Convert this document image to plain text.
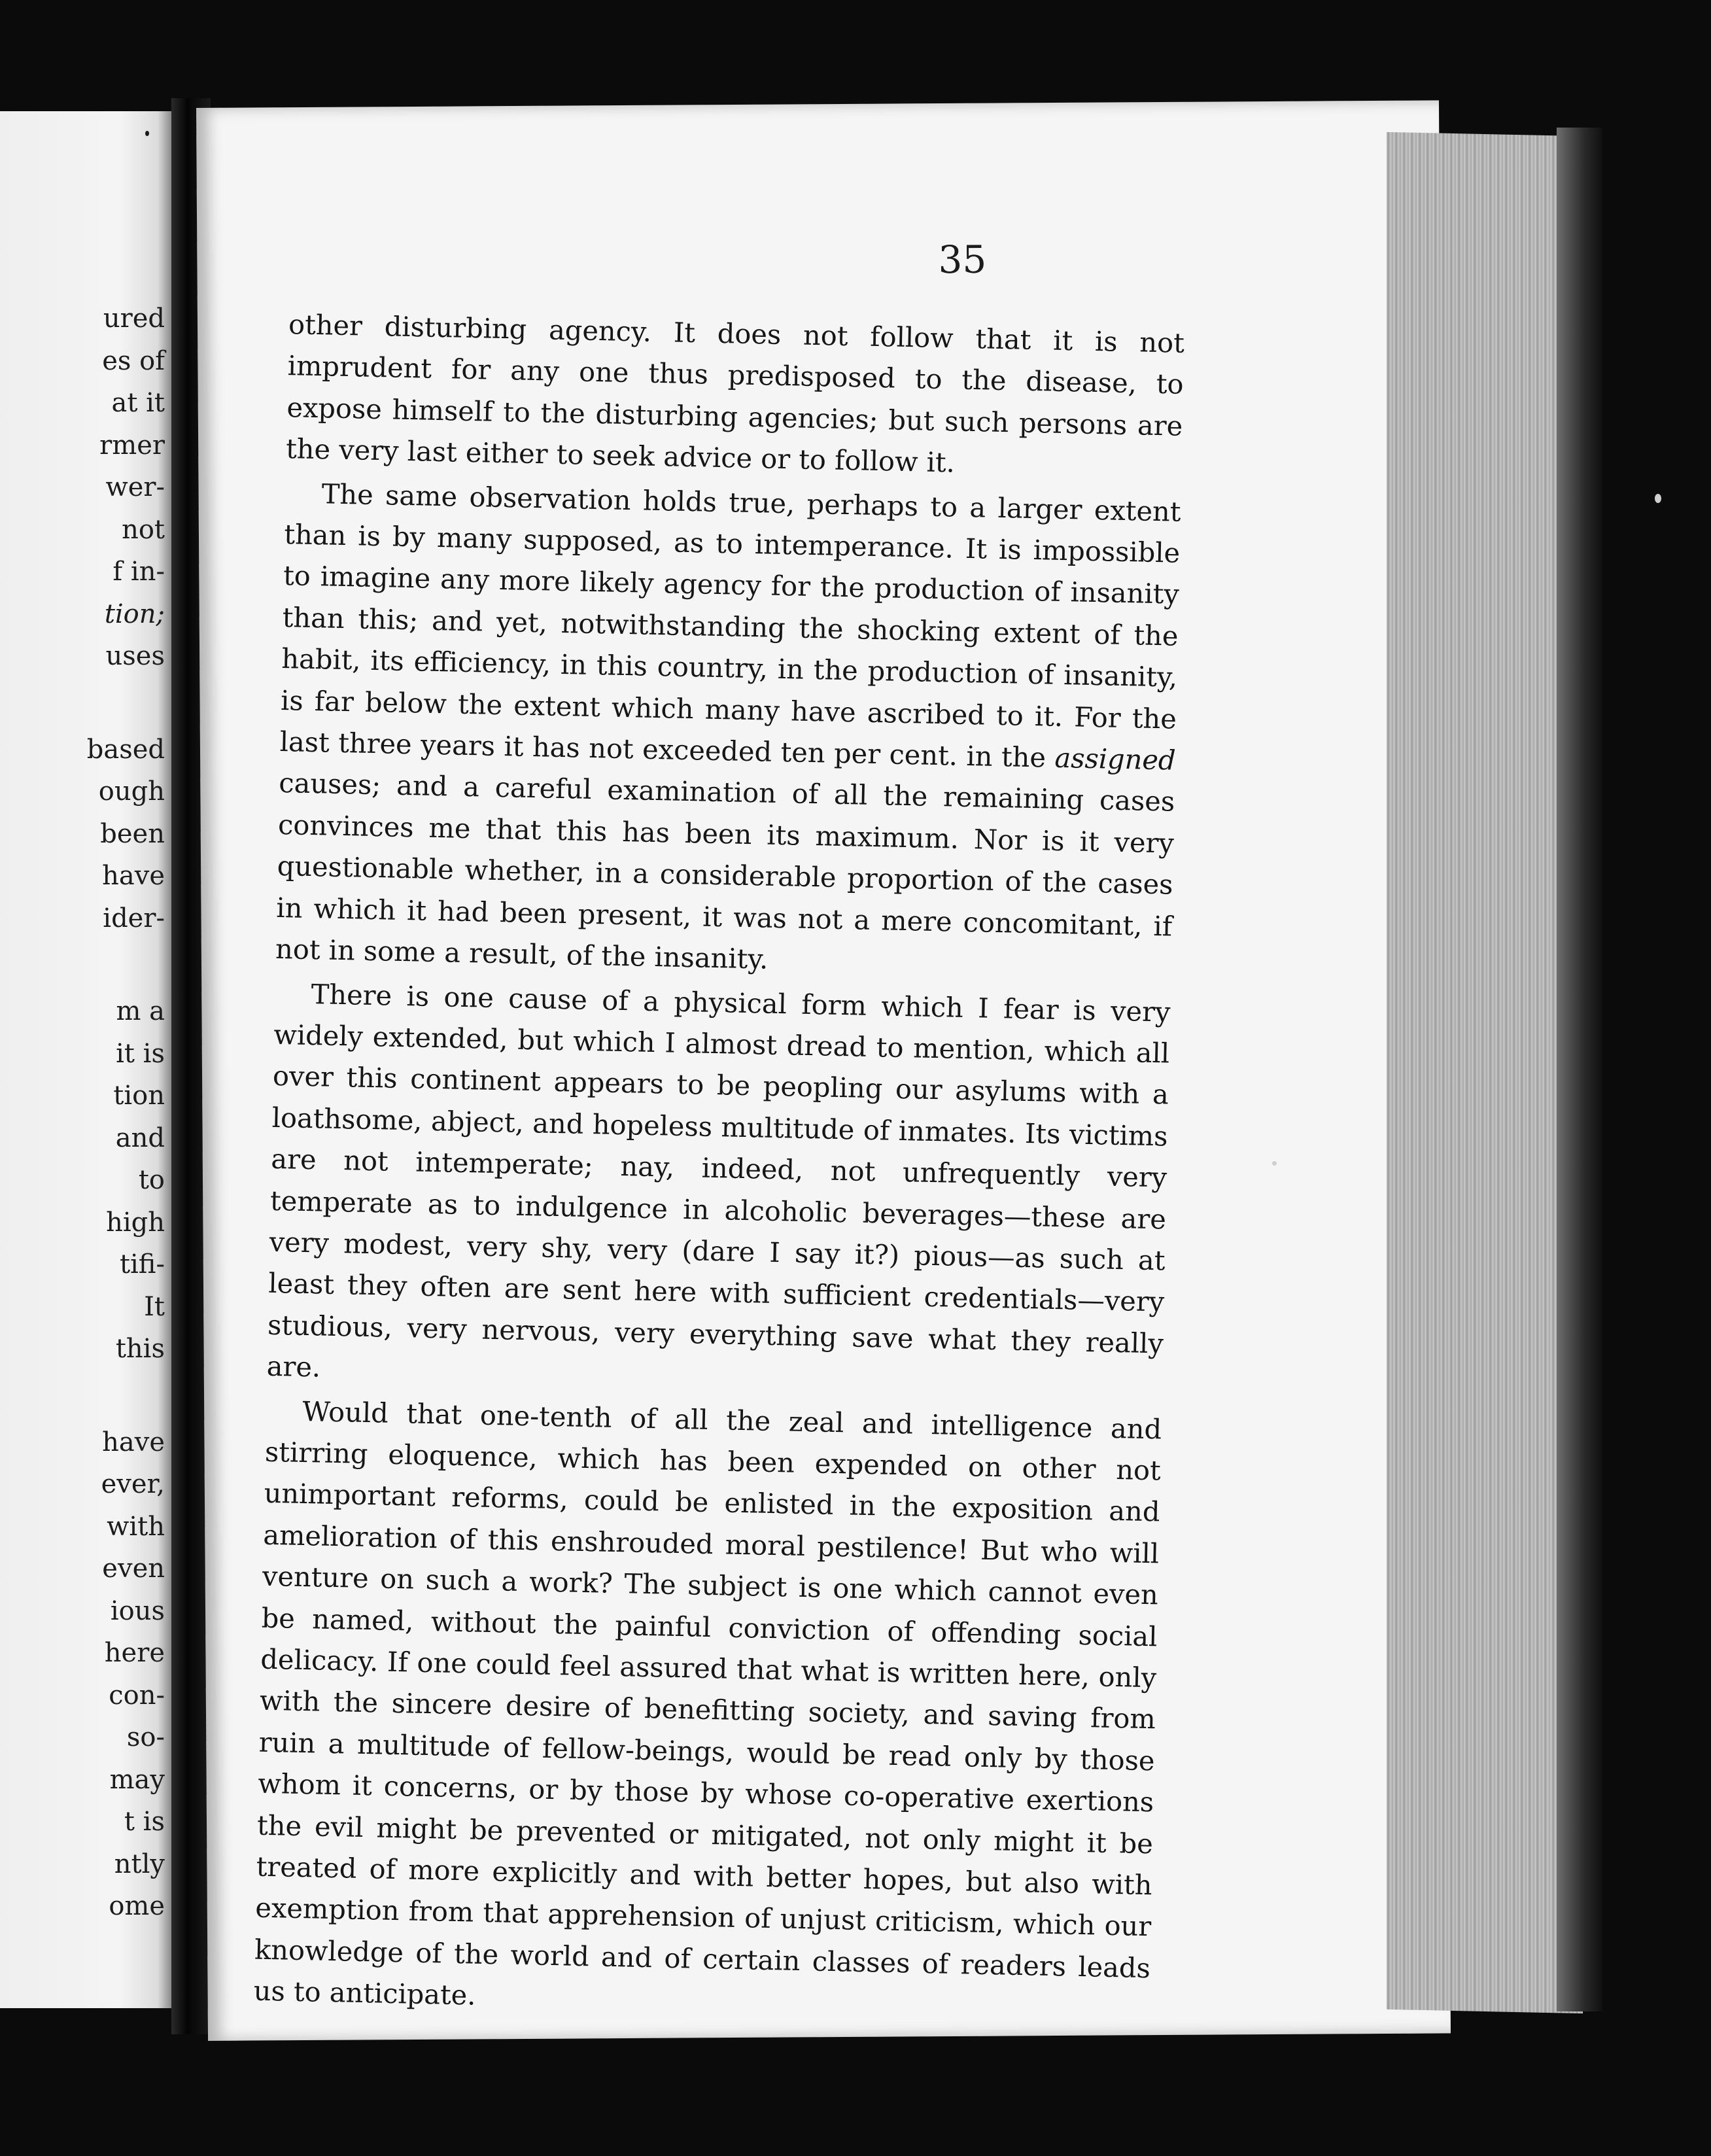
ured
es of
at it
rmer
wer-
not
f in-
tion;
uses
based
ough
been
have
ider-
m a
it is
tion
and
to
high
tifi-
It
this
have
ever,
with
even
ious
here
con-
so-
may
t is
ntly
ome
35

other disturbing agency. It does not follow that it is not imprudent for any one thus predisposed to the disease, to expose himself to the disturbing agencies; but such persons are the very last either to seek advice or to follow it.

The same observation holds true, perhaps to a larger extent than is by many supposed, as to intemperance. It is impossible to imagine any more likely agency for the production of insanity than this; and yet, notwithstanding the shocking extent of the habit, its efficiency, in this country, in the production of insanity, is far below the extent which many have ascribed to it. For the last three years it has not exceeded ten per cent. in the assigned causes; and a careful examination of all the remaining cases convinces me that this has been its maximum. Nor is it very questionable whether, in a considerable proportion of the cases in which it had been present, it was not a mere concomitant, if not in some a result, of the insanity.

There is one cause of a physical form which I fear is very widely extended, but which I almost dread to mention, which all over this continent appears to be peopling our asylums with a loathsome, abject, and hopeless multitude of inmates. Its victims are not intemperate; nay, indeed, not unfrequently very temperate as to indulgence in alcoholic beverages—these are very modest, very shy, very (dare I say it?) pious—as such at least they often are sent here with sufficient credentials—very studious, very nervous, very everything save what they really are.

Would that one-tenth of all the zeal and intelligence and stirring eloquence, which has been expended on other not unimportant reforms, could be enlisted in the exposition and amelioration of this enshrouded moral pestilence! But who will venture on such a work? The subject is one which cannot even be named, without the painful conviction of offending social delicacy. If one could feel assured that what is written here, only with the sincere desire of benefitting society, and saving from ruin a multitude of fellow-beings, would be read only by those whom it concerns, or by those by whose co-operative exertions the evil might be prevented or mitigated, not only might it be treated of more explicitly and with better hopes, but also with exemption from that apprehension of unjust criticism, which our knowledge of the world and of certain classes of readers leads us to anticipate.
